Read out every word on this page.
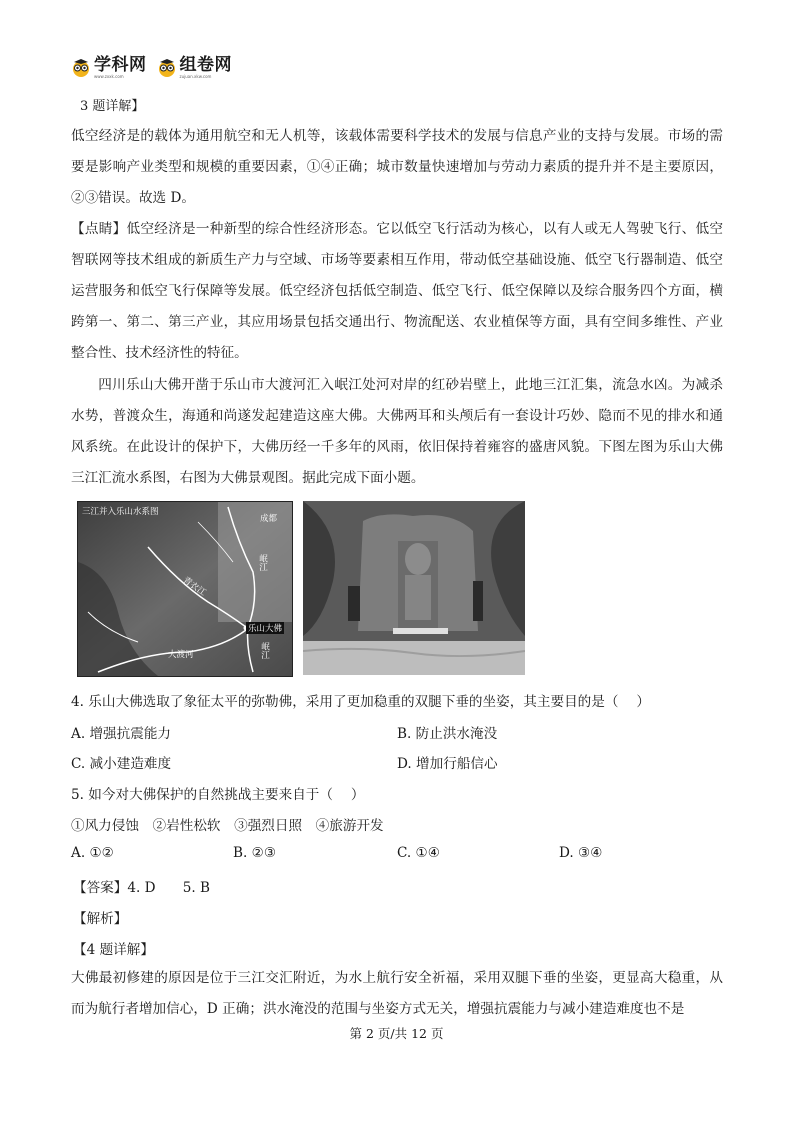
学科网
www.zxxk.com
组卷网
zujuan.xkw.com
3 题详解】
低空经济是的载体为通用航空和无人机等，该载体需要科学技术的发展与信息产业的支持与发展。市场的需要是影响产业类型和规模的重要因素，①④正确；城市数量快速增加与劳动力素质的提升并不是主要原因，②③错误。故选 D。
【点睛】低空经济是一种新型的综合性经济形态。它以低空飞行活动为核心，以有人或无人驾驶飞行、低空智联网等技术组成的新质生产力与空域、市场等要素相互作用，带动低空基础设施、低空飞行器制造、低空运营服务和低空飞行保障等发展。低空经济包括低空制造、低空飞行、低空保障以及综合服务四个方面，横跨第一、第二、第三产业，其应用场景包括交通出行、物流配送、农业植保等方面，具有空间多维性、产业整合性、技术经济性的特征。
四川乐山大佛开凿于乐山市大渡河汇入岷江处河对岸的红砂岩壁上，此地三江汇集，流急水凶。为减杀水势，普渡众生，海通和尚遂发起建造这座大佛。大佛两耳和头颅后有一套设计巧妙、隐而不见的排水和通风系统。在此设计的保护下，大佛历经一千多年的风雨，依旧保持着雍容的盛唐风貌。下图左图为乐山大佛三江汇流水系图，右图为大佛景观图。据此完成下面小题。
三江并入乐山水系图
成都
岷江
青衣江
乐山大佛
大渡河	岷江
4. 乐山大佛选取了象征太平的弥勒佛，采用了更加稳重的双腿下垂的坐姿，其主要目的是（　 ）
A. 增强抗震能力	B. 防止洪水淹没
C. 减小建造难度	D. 增加行船信心
5. 如今对大佛保护的自然挑战主要来自于（　 ）
①风力侵蚀　②岩性松软　③强烈日照　④旅游开发
A. ①②	B. ②③	C. ①④	D. ③④
【答案】4. D　　5. B
【解析】
【4 题详解】
大佛最初修建的原因是位于三江交汇附近，为水上航行安全祈福，采用双腿下垂的坐姿，更显高大稳重，从而为航行者增加信心，D 正确；洪水淹没的范围与坐姿方式无关，增强抗震能力与减小建造难度也不是
第 2 页/共 12 页
